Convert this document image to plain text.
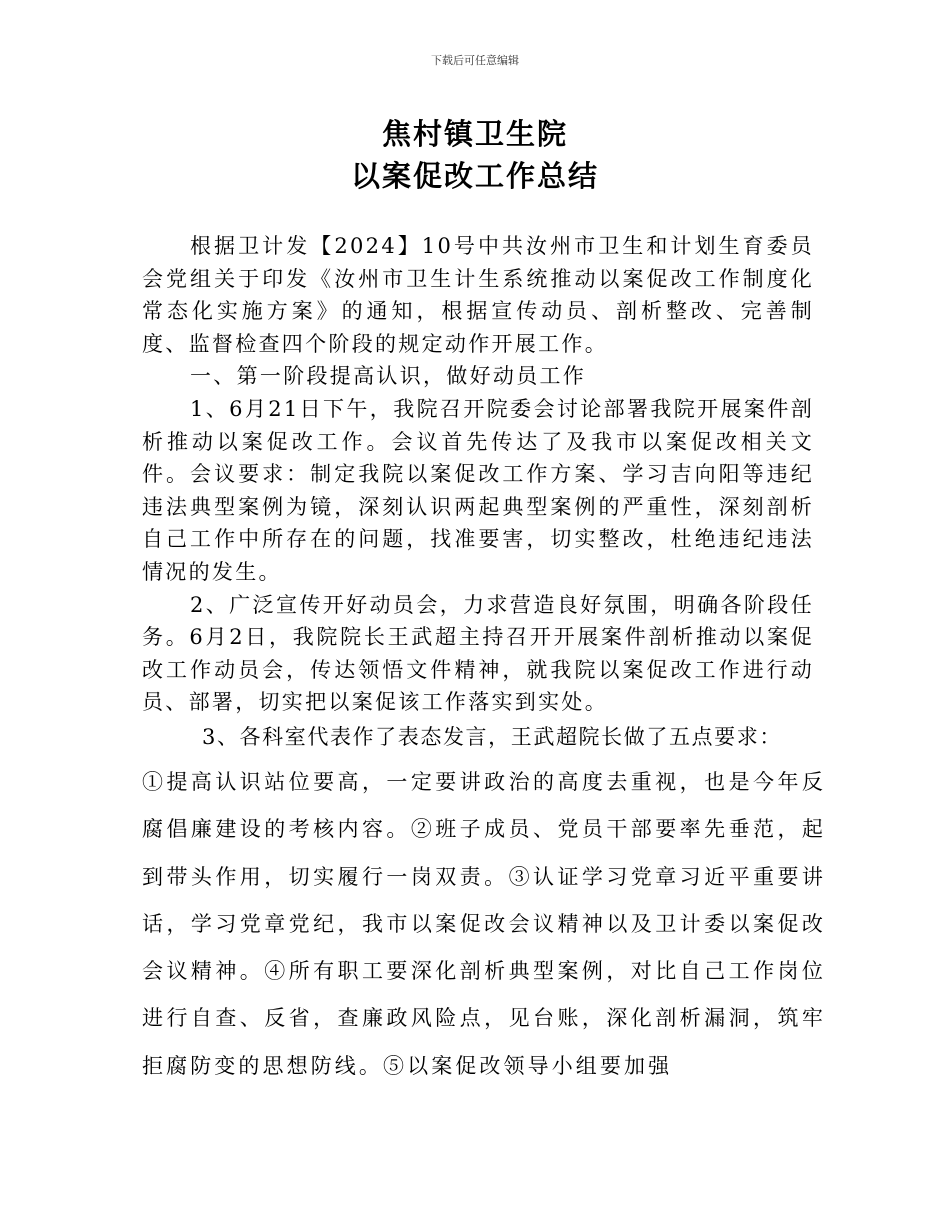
下载后可任意编辑
焦村镇卫生院
以案促改工作总结

根据卫计发【2024】10号中共汝州市卫生和计划生育委员会党组关于印发《汝州市卫生计生系统推动以案促改工作制度化常态化实施方案》的通知，根据宣传动员、剖析整改、完善制度、监督检查四个阶段的规定动作开展工作。

一、第一阶段提高认识，做好动员工作

1、6月21日下午，我院召开院委会讨论部署我院开展案件剖析推动以案促改工作。会议首先传达了及我市以案促改相关文件。会议要求：制定我院以案促改工作方案、学习吉向阳等违纪违法典型案例为镜，深刻认识两起典型案例的严重性，深刻剖析自己工作中所存在的问题，找准要害，切实整改，杜绝违纪违法情况的发生。

2、广泛宣传开好动员会，力求营造良好氛围，明确各阶段任务。6月2日，我院院长王武超主持召开开展案件剖析推动以案促改工作动员会，传达领悟文件精神，就我院以案促改工作进行动员、部署，切实把以案促该工作落实到实处。

3、各科室代表作了表态发言，王武超院长做了五点要求：

①提高认识站位要高，一定要讲政治的高度去重视，也是今年反腐倡廉建设的考核内容。②班子成员、党员干部要率先垂范，起到带头作用，切实履行一岗双责。③认证学习党章习近平重要讲话，学习党章党纪，我市以案促改会议精神以及卫计委以案促改会议精神。④所有职工要深化剖析典型案例，对比自己工作岗位进行自查、反省，查廉政风险点，见台账，深化剖析漏洞，筑牢拒腐防变的思想防线。⑤以案促改领导小组要加强
